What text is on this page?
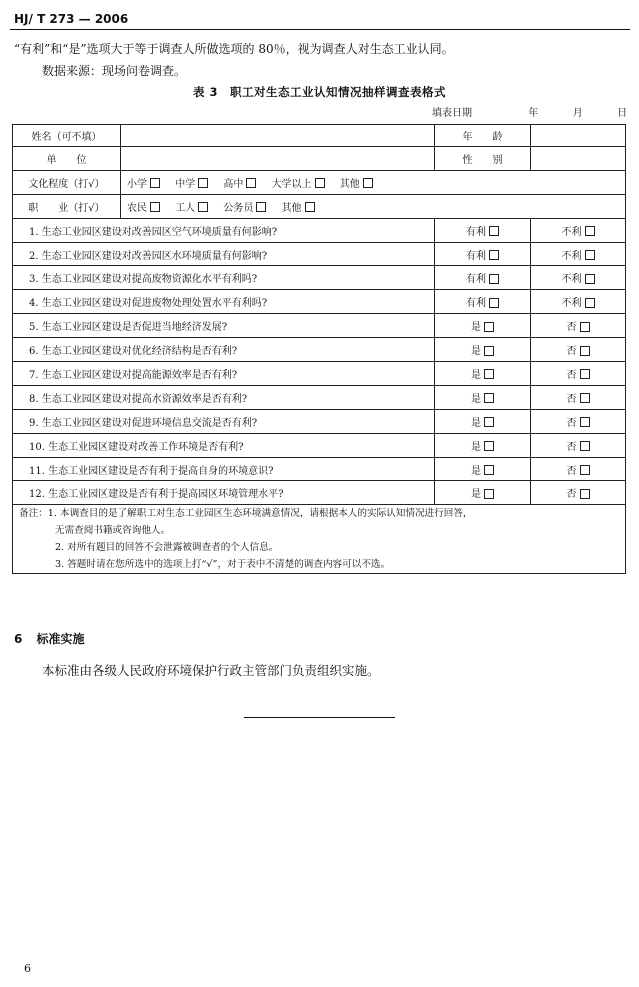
HJ/ T 273 — 2006
“有利”和“是”选项大于等于调查人所做选项的 80％，视为调查人对生态工业认同。
数据来源：现场问卷调查。
表 3　职工对生态工业认知情况抽样调查表格式
填表日期	年	月	日
姓名（可不填）		年　　龄	
单　　位		性　　别	
文化程度（打√）	小学 中学 高中 大学以上 其他		
职　　业（打√）	农民 工人 公务员 其他		
1. 生态工业园区建设对改善园区空气环境质量有何影响?		有利	不利
2. 生态工业园区建设对改善园区水环境质量有何影响?		有利	不利
3. 生态工业园区建设对提高废物资源化水平有利吗?		有利	不利
4. 生态工业园区建设对促进废物处理处置水平有利吗?		有利	不利
5. 生态工业园区建设是否促进当地经济发展?		是	否
6. 生态工业园区建设对优化经济结构是否有利?		是	否
7. 生态工业园区建设对提高能源效率是否有利?		是	否
8. 生态工业园区建设对提高水资源效率是否有利?		是	否
9. 生态工业园区建设对促进环境信息交流是否有利?		是	否
10. 生态工业园区建设对改善工作环境是否有利?		是	否
11. 生态工业园区建设是否有利于提高自身的环境意识?		是	否
12. 生态工业园区建设是否有利于提高园区环境管理水平?		是	否

备注：1. 本调查目的是了解职工对生态工业园区生态环境满意情况，请根据本人的实际认知情况进行回答，
无需查阅书籍或咨询他人。
2. 对所有题目的回答不会泄露被调查者的个人信息。
3. 答题时请在您所选中的选项上打“√”，对于表中不清楚的调查内容可以不选。			
6 标准实施
本标准由各级人民政府环境保护行政主管部门负责组织实施。
6
